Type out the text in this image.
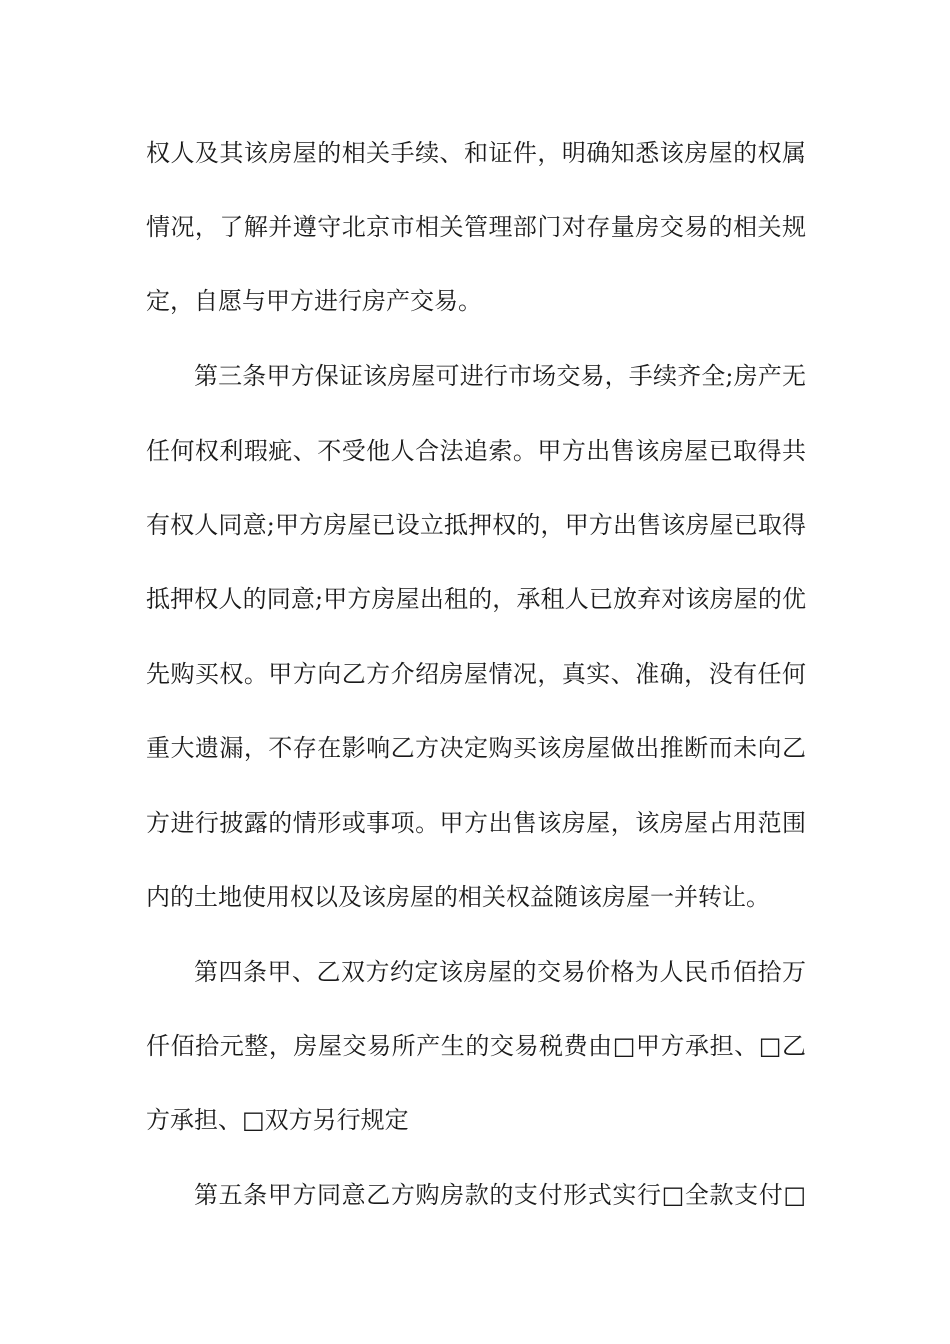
权人及其该房屋的相关手续、和证件，明确知悉该房屋的权属
情况，了解并遵守北京市相关管理部门对存量房交易的相关规
定，自愿与甲方进行房产交易。
第三条甲方保证该房屋可进行市场交易，手续齐全;房产无
任何权利瑕疵、不受他人合法追索。甲方出售该房屋已取得共
有权人同意;甲方房屋已设立抵押权的，甲方出售该房屋已取得
抵押权人的同意;甲方房屋出租的，承租人已放弃对该房屋的优
先购买权。甲方向乙方介绍房屋情况，真实、准确，没有任何
重大遗漏，不存在影响乙方决定购买该房屋做出推断而未向乙
方进行披露的情形或事项。甲方出售该房屋，该房屋占用范围
内的土地使用权以及该房屋的相关权益随该房屋一并转让。
第四条甲、乙双方约定该房屋的交易价格为人民币佰拾万
仟佰拾元整，房屋交易所产生的交易税费由□甲方承担、□乙
方承担、□双方另行规定
第五条甲方同意乙方购房款的支付形式实行□全款支付□
